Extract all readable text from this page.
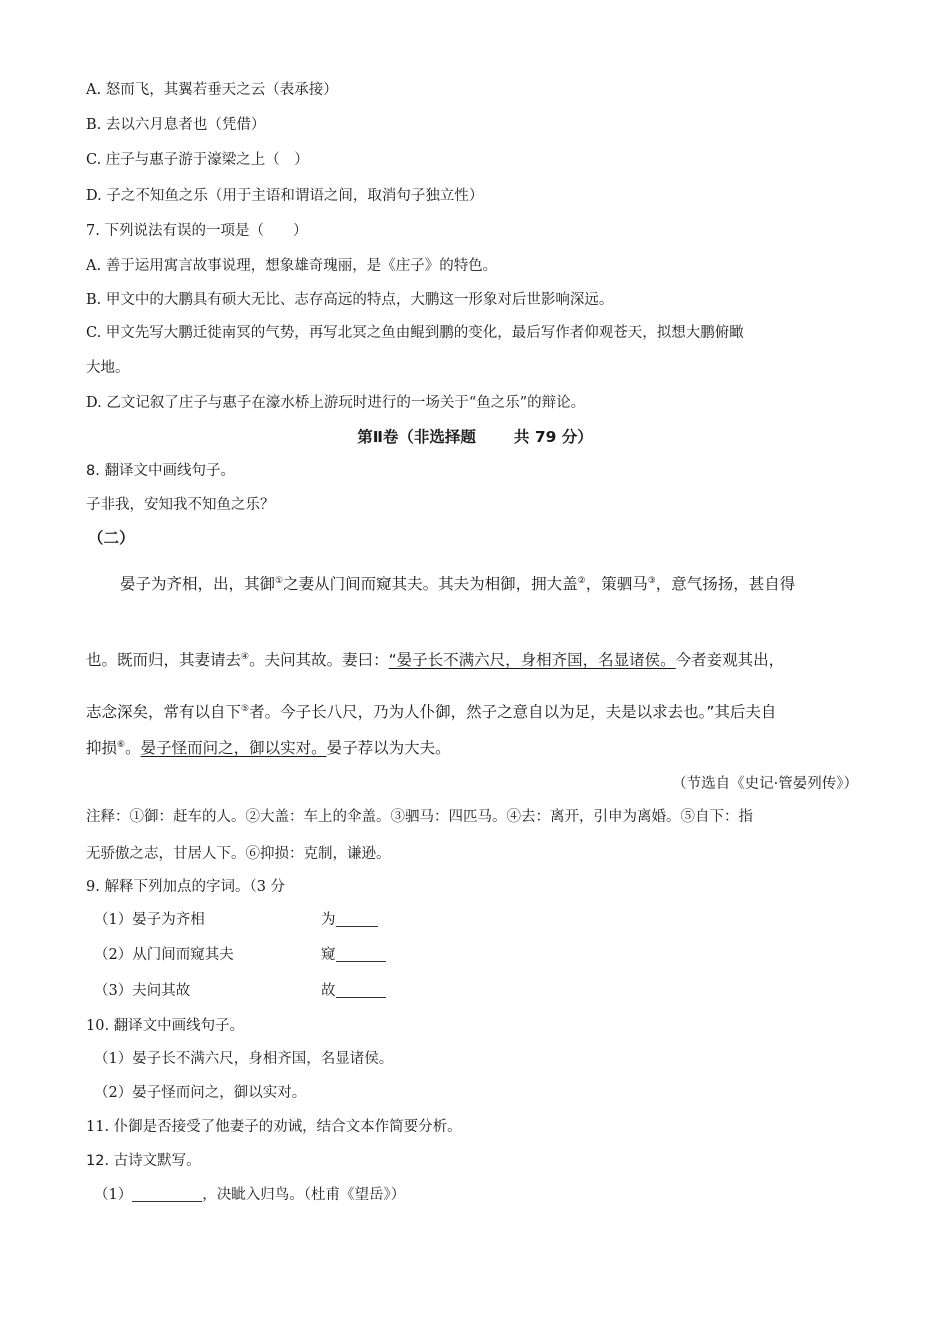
A. 怒而飞，其翼若垂天之云（表承接）
B. 去以六月息者也（凭借）
C. 庄子与惠子游于濠梁之上（　）
D. 子之不知鱼之乐（用于主语和谓语之间，取消句子独立性）
7. 下列说法有误的一项是（　　）
A. 善于运用寓言故事说理，想象雄奇瑰丽，是《庄子》的特色。
B. 甲文中的大鹏具有硕大无比、志存高远的特点，大鹏这一形象对后世影响深远。
C. 甲文先写大鹏迁徙南冥的气势，再写北冥之鱼由鲲到鹏的变化，最后写作者仰观苍天，拟想大鹏俯瞰
大地。
D. 乙文记叙了庄子与惠子在濠水桥上游玩时进行的一场关于“鱼之乐”的辩论。
第Ⅱ卷（非选择题 共 79 分）
8. 翻译文中画线句子。
子非我，安知我不知鱼之乐？
（二）
晏子为齐相，出，其御①之妻从门间而窥其夫。其夫为相御，拥大盖②，策驷马③，意气扬扬，甚自得
也。既而归，其妻请去④。夫问其故。妻曰：“晏子长不满六尺，身相齐国，名显诸侯。今者妾观其出，
志念深矣，常有以自下⑤者。今子长八尺，乃为人仆御，然子之意自以为足，夫是以求去也。”其后夫自
抑损⑥。晏子怪而问之，御以实对。晏子荐以为大夫。
（节选自《史记·管晏列传》）
注释：①御：赶车的人。②大盖：车上的伞盖。③驷马：四匹马。④去：离开，引申为离婚。⑤自下：指
无骄傲之志，甘居人下。⑥抑损：克制，谦逊。
9. 解释下列加点的字词。（3 分
（1）晏子为齐相	为
（2）从门间而窥其夫	窥
（3）夫问其故	故
10. 翻译文中画线句子。
（1）晏子长不满六尺，身相齐国，名显诸侯。
（2）晏子怪而问之，御以实对。
11. 仆御是否接受了他妻子的劝诫，结合文本作简要分析。
12. 古诗文默写。
（1）	，决眦入归鸟。（杜甫《望岳》）
